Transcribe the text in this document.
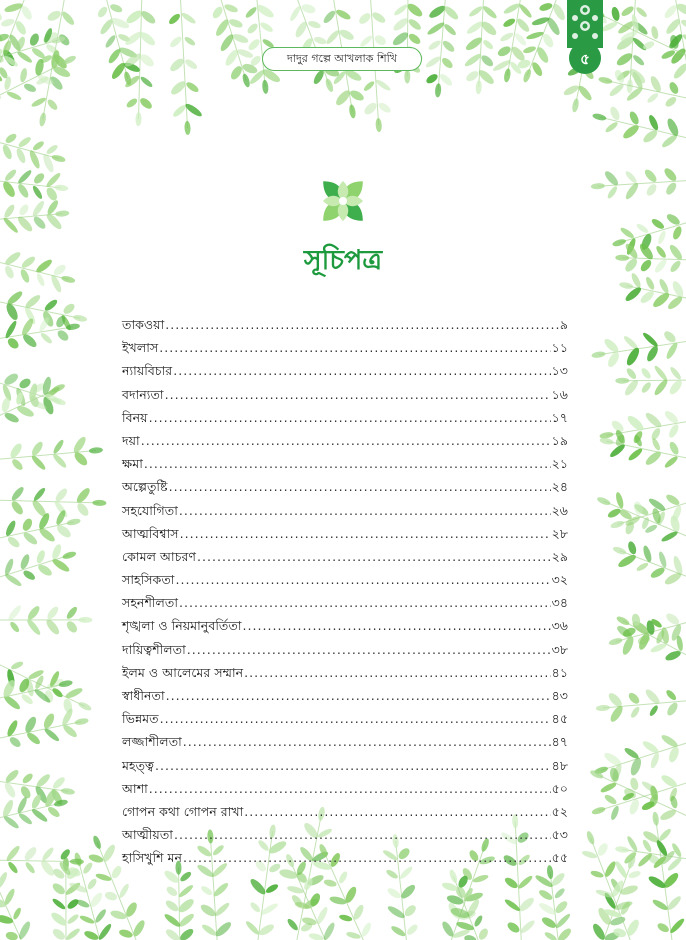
৫
দাদুর গল্পে আখলাক শিখি
সূচিপত্র
তাকওয়া .....	৯
ইখলাস .....	১১
ন্যায়বিচার .....	১৩
বদান্যতা .....	১৬
বিনয় .....	১৭
দয়া .....	১৯
ক্ষমা .....	২১
অল্পেতুষ্টি .....	২৪
সহযোগিতা .....	২৬
আত্মবিশ্বাস .....	২৮
কোমল আচরণ .....	২৯
সাহসিকতা .....	৩২
সহনশীলতা .....	৩৪
শৃঙ্খলা ও নিয়মানুবর্তিতা .....	৩৬
দায়িত্বশীলতা .....	৩৮
ইলম ও আলেমের সম্মান .....	৪১
স্বাধীনতা .....	৪৩
ভিন্নমত .....	৪৫
লজ্জাশীলতা .....	৪৭
মহত্ত্ব .....	৪৮
আশা .....	৫০
গোপন কথা গোপন রাখা .....	৫২
আত্মীয়তা .....	৫৩
হাসিখুশি মন .....	৫৫
